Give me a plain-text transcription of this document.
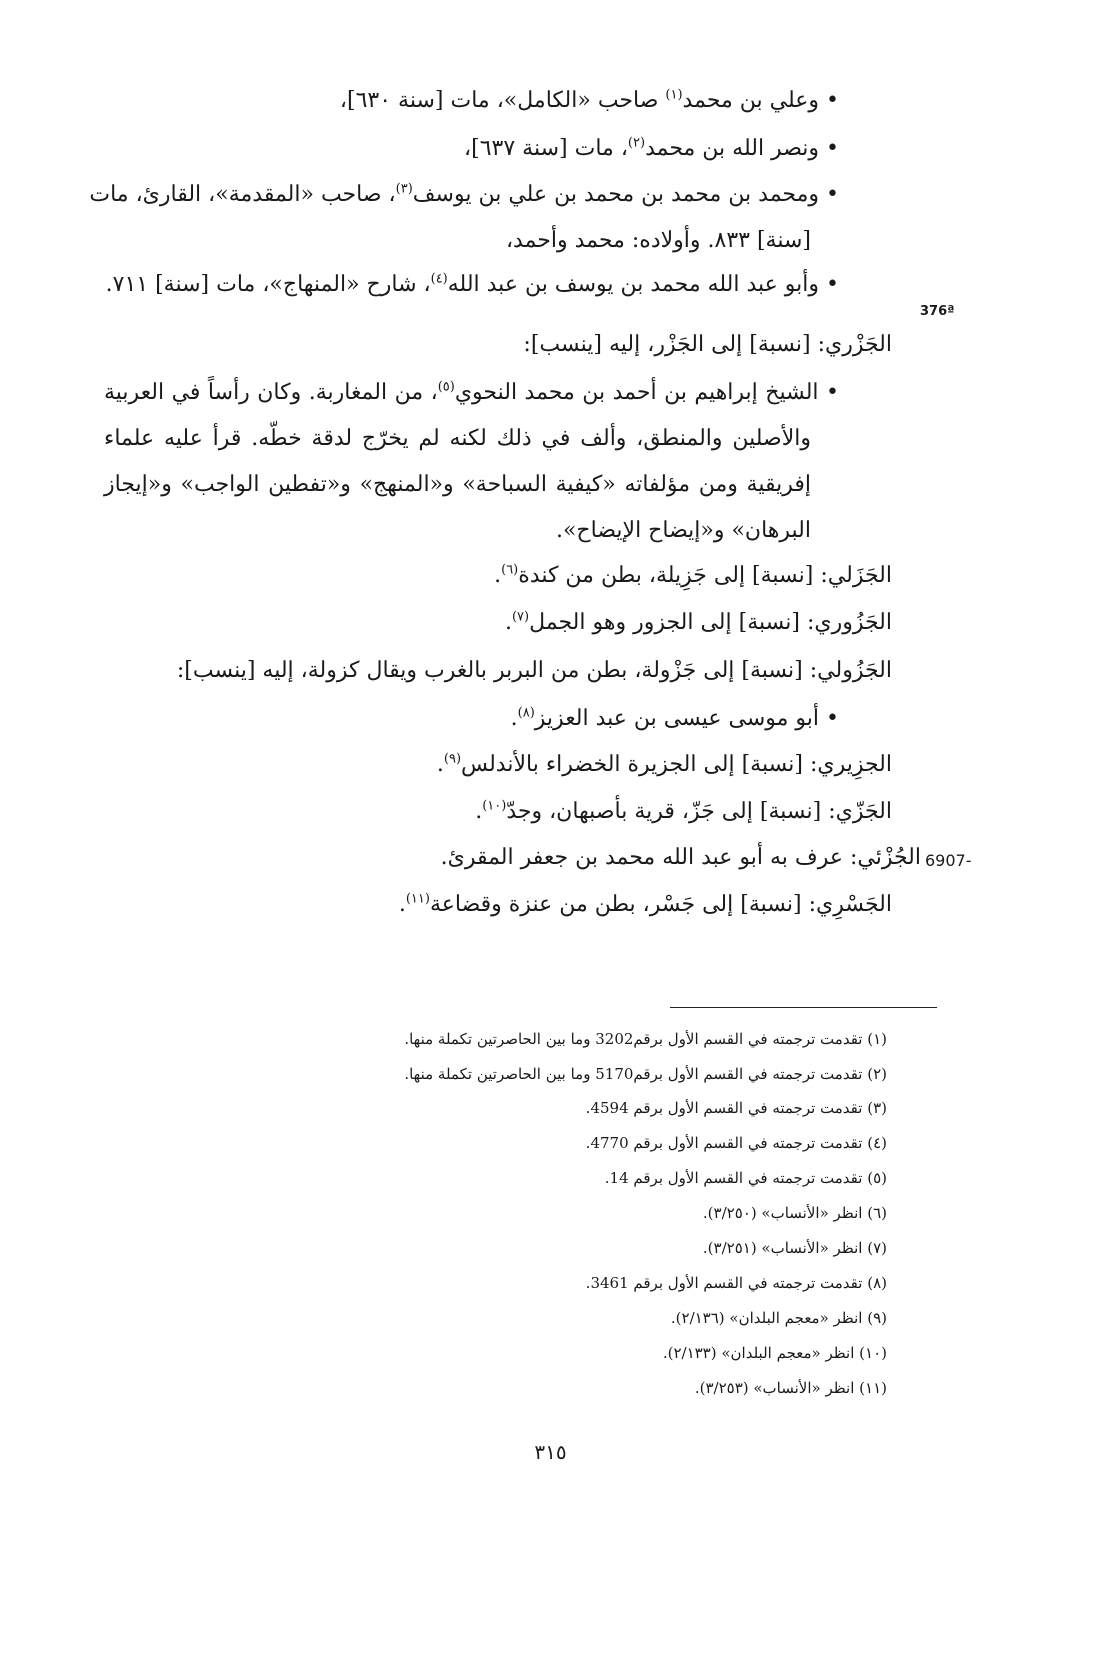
• وعلي بن محمد$^{(١)}$ صاحب «الكامل»، مات [سنة ٦٣٠]،
• ونصر الله بن محمد$^{(٢)}$، مات [سنة ٦٣٧]،
• ومحمد بن محمد بن محمد بن علي بن يوسف$^{(٣)}$، صاحب «المقدمة»، القارئ، مات
[سنة] ٨٣٣. وأولاده: محمد وأحمد،
• وأبو عبد الله محمد بن يوسف بن عبد الله$^{(٤)}$، شارح «المنهاج»، مات [سنة] ٧١١.
376ª
الجَزْري: [نسبة] إلى الجَزْر، إليه [ينسب]:
• الشيخ إبراهيم بن أحمد بن محمد النحوي$^{(٥)}$، من المغاربة. وكان رأساً في العربية
والأصلين والمنطق، وألف في ذلك لكنه لم يخرّج لدقة خطّه. قرأ عليه علماء
إفريقية ومن مؤلفاته «كيفية السباحة» و«المنهج» و«تفطين الواجب» و«إيجاز
البرهان» و«إيضاح الإيضاح».
الجَزَلي: [نسبة] إلى جَزِيلة، بطن من كندة$^{(٦)}$.
الجَزُوري: [نسبة] إلى الجزور وهو الجمل$^{(٧)}$.
الجَزُولي: [نسبة] إلى جَزْولة، بطن من البربر بالغرب ويقال كزولة، إليه [ينسب]:
• أبو موسى عيسى بن عبد العزيز$^{(٨)}$.
الجزِيري: [نسبة] إلى الجزيرة الخضراء بالأندلس$^{(٩)}$.
الجَزّي: [نسبة] إلى جَزّ، قرية بأصبهان، وجدّ$^{(١٠)}$.
6907-
الجُزْئي: عرف به أبو عبد الله محمد بن جعفر المقرئ.
الجَسْرِي: [نسبة] إلى جَسْر، بطن من عنزة وقضاعة$^{(١١)}$.
(١) تقدمت ترجمته في القسم الأول برقم3202 وما بين الحاصرتين تكملة منها.
(٢) تقدمت ترجمته في القسم الأول برقم5170 وما بين الحاصرتين تكملة منها.
(٣) تقدمت ترجمته في القسم الأول برقم 4594.
(٤) تقدمت ترجمته في القسم الأول برقم 4770.
(٥) تقدمت ترجمته في القسم الأول برقم 14.
(٦) انظر «الأنساب» (٣/٢٥٠).
(٧) انظر «الأنساب» (٣/٢٥١).
(٨) تقدمت ترجمته في القسم الأول برقم 3461.
(٩) انظر «معجم البلدان» (٢/١٣٦).
(١٠) انظر «معجم البلدان» (٢/١٣٣).
(١١) انظر «الأنساب» (٣/٢٥٣).
٣١٥
